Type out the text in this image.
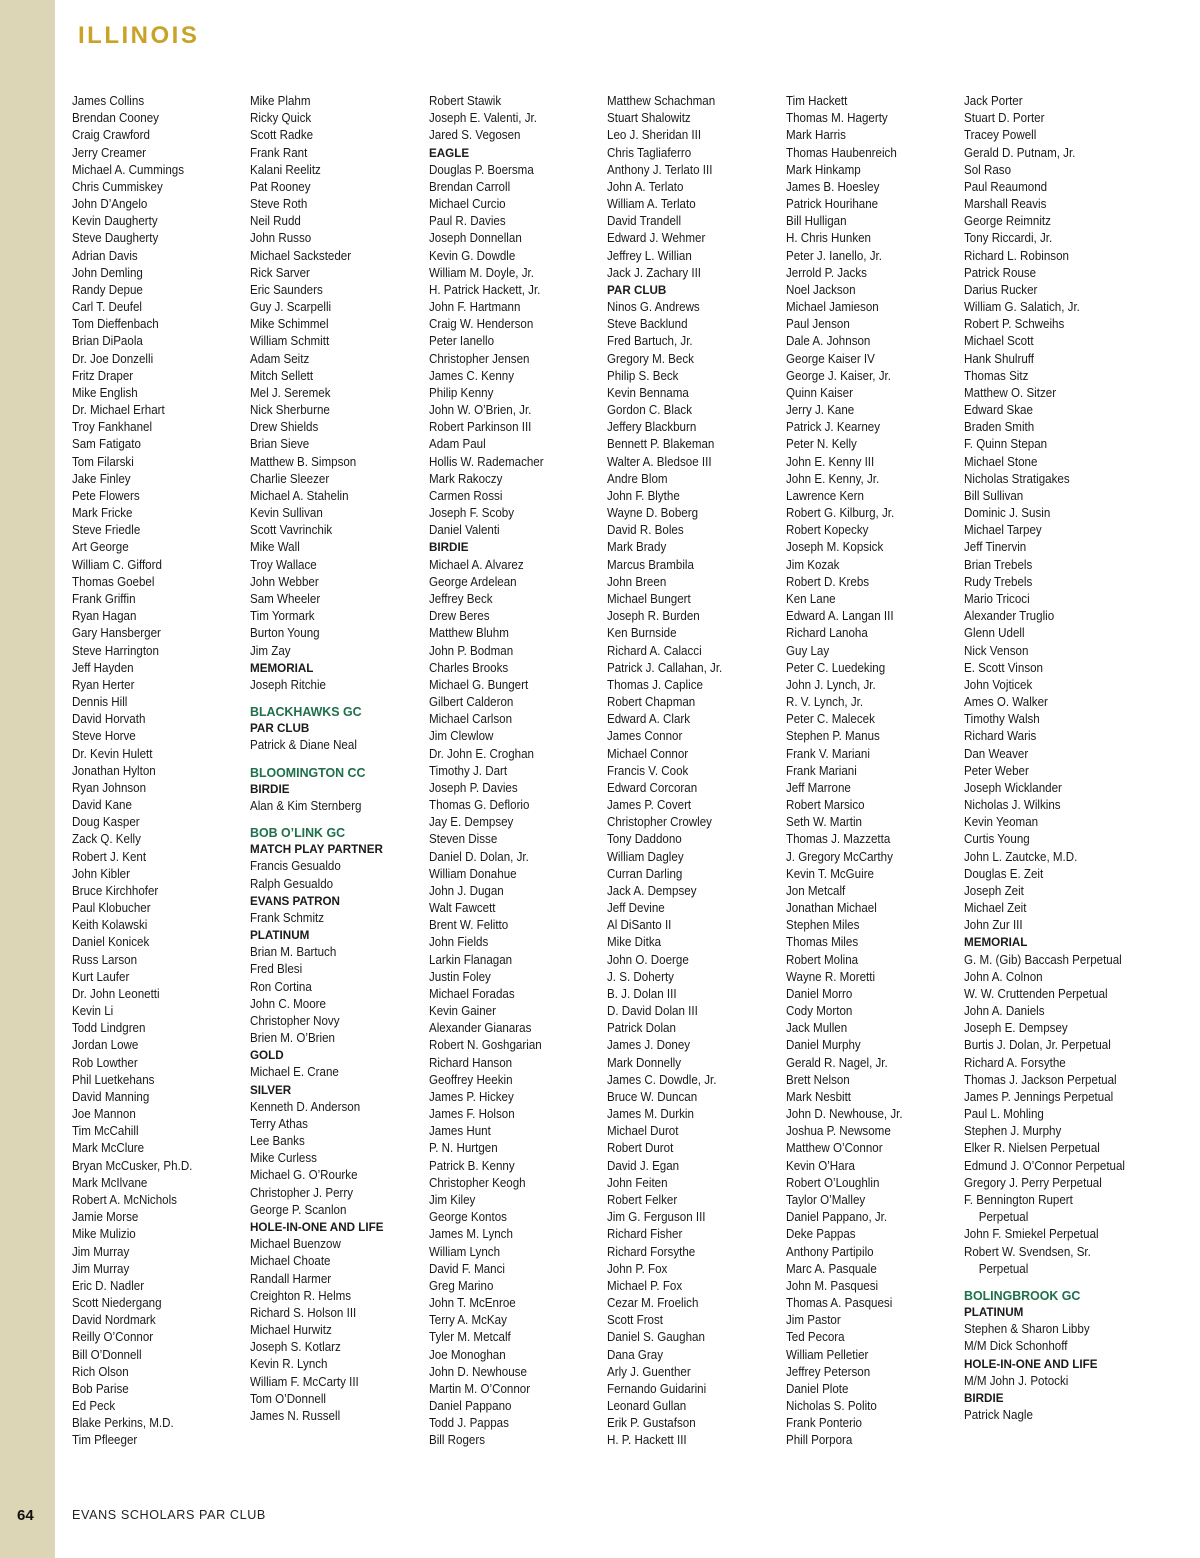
ILLINOIS
James Collins
Brendan Cooney
Craig Crawford
Jerry Creamer
Michael A. Cummings
Chris Cummiskey
John D’Angelo
Kevin Daugherty
Steve Daugherty
Adrian Davis
John Demling
Randy Depue
Carl T. Deufel
Tom Dieffenbach
Brian DiPaola
Dr. Joe Donzelli
Fritz Draper
Mike English
Dr. Michael Erhart
Troy Fankhanel
Sam Fatigato
Tom Filarski
Jake Finley
Pete Flowers
Mark Fricke
Steve Friedle
Art George
William C. Gifford
Thomas Goebel
Frank Griffin
Ryan Hagan
Gary Hansberger
Steve Harrington
Jeff Hayden
Ryan Herter
Dennis Hill
David Horvath
Steve Horve
Dr. Kevin Hulett
Jonathan Hylton
Ryan Johnson
David Kane
Doug Kasper
Zack Q. Kelly
Robert J. Kent
John Kibler
Bruce Kirchhofer
Paul Klobucher
Keith Kolawski
Daniel Konicek
Russ Larson
Kurt Laufer
Dr. John Leonetti
Kevin Li
Todd Lindgren
Jordan Lowe
Rob Lowther
Phil Luetkehans
David Manning
Joe Mannon
Tim McCahill
Mark McClure
Bryan McCusker, Ph.D.
Mark McIlvane
Robert A. McNichols
Jamie Morse
Mike Mulizio
Jim Murray
Jim Murray
Eric D. Nadler
Scott Niedergang
David Nordmark
Reilly O’Connor
Bill O’Donnell
Rich Olson
Bob Parise
Ed Peck
Blake Perkins, M.D.
Tim Pfleeger
Mike Plahm
Ricky Quick
Scott Radke
Frank Rant
Kalani Reelitz
Pat Rooney
Steve Roth
Neil Rudd
John Russo
Michael Sacksteder
Rick Sarver
Eric Saunders
Guy J. Scarpelli
Mike Schimmel
William Schmitt
Adam Seitz
Mitch Sellett
Mel J. Seremek
Nick Sherburne
Drew Shields
Brian Sieve
Matthew B. Simpson
Charlie Sleezer
Michael A. Stahelin
Kevin Sullivan
Scott Vavrinchik
Mike Wall
Troy Wallace
John Webber
Sam Wheeler
Tim Yormark
Burton Young
Jim Zay
MEMORIAL
Joseph Ritchie
BLACKHAWKS GC
PAR CLUB
Patrick & Diane Neal
BLOOMINGTON CC
BIRDIE
Alan & Kim Sternberg
BOB O’LINK GC
MATCH PLAY PARTNER
Francis Gesualdo
Ralph Gesualdo
EVANS PATRON
Frank Schmitz
PLATINUM
Brian M. Bartuch
Fred Blesi
Ron Cortina
John C. Moore
Christopher Novy
Brien M. O’Brien
GOLD
Michael E. Crane
SILVER
Kenneth D. Anderson
Terry Athas
Lee Banks
Mike Curless
Michael G. O’Rourke
Christopher J. Perry
George P. Scanlon
HOLE-IN-ONE AND LIFE
Michael Buenzow
Michael Choate
Randall Harmer
Creighton R. Helms
Richard S. Holson III
Michael Hurwitz
Joseph S. Kotlarz
Kevin R. Lynch
William F. McCarty III
Tom O’Donnell
James N. Russell
Robert Stawik
Joseph E. Valenti, Jr.
Jared S. Vegosen
EAGLE
Douglas P. Boersma
Brendan Carroll
Michael Curcio
Paul R. Davies
Joseph Donnellan
Kevin G. Dowdle
William M. Doyle, Jr.
H. Patrick Hackett, Jr.
John F. Hartmann
Craig W. Henderson
Peter Ianello
Christopher Jensen
James C. Kenny
Philip Kenny
John W. O’Brien, Jr.
Robert Parkinson III
Adam Paul
Hollis W. Rademacher
Mark Rakoczy
Carmen Rossi
Joseph F. Scoby
Daniel Valenti
BIRDIE
Michael A. Alvarez
George Ardelean
Jeffrey Beck
Drew Beres
Matthew Bluhm
John P. Bodman
Charles Brooks
Michael G. Bungert
Gilbert Calderon
Michael Carlson
Jim Clewlow
Dr. John E. Croghan
Timothy J. Dart
Joseph P. Davies
Thomas G. Deflorio
Jay E. Dempsey
Steven Disse
Daniel D. Dolan, Jr.
William Donahue
John J. Dugan
Walt Fawcett
Brent W. Felitto
John Fields
Larkin Flanagan
Justin Foley
Michael Foradas
Kevin Gainer
Alexander Gianaras
Robert N. Goshgarian
Richard Hanson
Geoffrey Heekin
James P. Hickey
James F. Holson
James Hunt
P. N. Hurtgen
Patrick B. Kenny
Christopher Keogh
Jim Kiley
George Kontos
James M. Lynch
William Lynch
David F. Manci
Greg Marino
John T. McEnroe
Terry A. McKay
Tyler M. Metcalf
Joe Monoghan
John D. Newhouse
Martin M. O’Connor
Daniel Pappano
Todd J. Pappas
Bill Rogers
Matthew Schachman
Stuart Shalowitz
Leo J. Sheridan III
Chris Tagliaferro
Anthony J. Terlato III
John A. Terlato
William A. Terlato
David Trandell
Edward J. Wehmer
Jeffrey L. Willian
Jack J. Zachary III
PAR CLUB
Ninos G. Andrews
Steve Backlund
Fred Bartuch, Jr.
Gregory M. Beck
Philip S. Beck
Kevin Bennama
Gordon C. Black
Jeffery Blackburn
Bennett P. Blakeman
Walter A. Bledsoe III
Andre Blom
John F. Blythe
Wayne D. Boberg
David R. Boles
Mark Brady
Marcus Brambila
John Breen
Michael Bungert
Joseph R. Burden
Ken Burnside
Richard A. Calacci
Patrick J. Callahan, Jr.
Thomas J. Caplice
Robert Chapman
Edward A. Clark
James Connor
Michael Connor
Francis V. Cook
Edward Corcoran
James P. Covert
Christopher Crowley
Tony Daddono
William Dagley
Curran Darling
Jack A. Dempsey
Jeff Devine
Al DiSanto II
Mike Ditka
John O. Doerge
J. S. Doherty
B. J. Dolan III
D. David Dolan III
Patrick Dolan
James J. Doney
Mark Donnelly
James C. Dowdle, Jr.
Bruce W. Duncan
James M. Durkin
Michael Durot
Robert Durot
David J. Egan
John Feiten
Robert Felker
Jim G. Ferguson III
Richard Fisher
Richard Forsythe
John P. Fox
Michael P. Fox
Cezar M. Froelich
Scott Frost
Daniel S. Gaughan
Dana Gray
Arly J. Guenther
Fernando Guidarini
Leonard Gullan
Erik P. Gustafson
H. P. Hackett III
Tim Hackett
Thomas M. Hagerty
Mark Harris
Thomas Haubenreich
Mark Hinkamp
James B. Hoesley
Patrick Hourihane
Bill Hulligan
H. Chris Hunken
Peter J. Ianello, Jr.
Jerrold P. Jacks
Noel Jackson
Michael Jamieson
Paul Jenson
Dale A. Johnson
George Kaiser IV
George J. Kaiser, Jr.
Quinn Kaiser
Jerry J. Kane
Patrick J. Kearney
Peter N. Kelly
John E. Kenny III
John E. Kenny, Jr.
Lawrence Kern
Robert G. Kilburg, Jr.
Robert Kopecky
Joseph M. Kopsick
Jim Kozak
Robert D. Krebs
Ken Lane
Edward A. Langan III
Richard Lanoha
Guy Lay
Peter C. Luedeking
John J. Lynch, Jr.
R. V. Lynch, Jr.
Peter C. Malecek
Stephen P. Manus
Frank V. Mariani
Frank Mariani
Jeff Marrone
Robert Marsico
Seth W. Martin
Thomas J. Mazzetta
J. Gregory McCarthy
Kevin T. McGuire
Jon Metcalf
Jonathan Michael
Stephen Miles
Thomas Miles
Robert Molina
Wayne R. Moretti
Daniel Morro
Cody Morton
Jack Mullen
Daniel Murphy
Gerald R. Nagel, Jr.
Brett Nelson
Mark Nesbitt
John D. Newhouse, Jr.
Joshua P. Newsome
Matthew O’Connor
Kevin O’Hara
Robert O’Loughlin
Taylor O’Malley
Daniel Pappano, Jr.
Deke Pappas
Anthony Partipilo
Marc A. Pasquale
John M. Pasquesi
Thomas A. Pasquesi
Jim Pastor
Ted Pecora
William Pelletier
Jeffrey Peterson
Daniel Plote
Nicholas S. Polito
Frank Ponterio
Phill Porpora
Jack Porter
Stuart D. Porter
Tracey Powell
Gerald D. Putnam, Jr.
Sol Raso
Paul Reaumond
Marshall Reavis
George Reimnitz
Tony Riccardi, Jr.
Richard L. Robinson
Patrick Rouse
Darius Rucker
William G. Salatich, Jr.
Robert P. Schweihs
Michael Scott
Hank Shulruff
Thomas Sitz
Matthew O. Sitzer
Edward Skae
Braden Smith
F. Quinn Stepan
Michael Stone
Nicholas Stratigakes
Bill Sullivan
Dominic J. Susin
Michael Tarpey
Jeff Tinervin
Brian Trebels
Rudy Trebels
Mario Tricoci
Alexander Truglio
Glenn Udell
Nick Venson
E. Scott Vinson
John Vojticek
Ames O. Walker
Timothy Walsh
Richard Waris
Dan Weaver
Peter Weber
Joseph Wicklander
Nicholas J. Wilkins
Kevin Yeoman
Curtis Young
John L. Zautcke, M.D.
Douglas E. Zeit
Joseph Zeit
Michael Zeit
John Zur III
MEMORIAL
G. M. (Gib) Baccash Perpetual
John A. Colnon
W. W. Cruttenden Perpetual
John A. Daniels
Joseph E. Dempsey
Burtis J. Dolan, Jr. Perpetual
Richard A. Forsythe
Thomas J. Jackson Perpetual
James P. Jennings Perpetual
Paul L. Mohling
Stephen J. Murphy
Elker R. Nielsen Perpetual
Edmund J. O’Connor Perpetual
Gregory J. Perry Perpetual
F. Bennington Rupert
Perpetual
John F. Smiekel Perpetual
Robert W. Svendsen, Sr.
Perpetual
BOLINGBROOK GC
PLATINUM
Stephen & Sharon Libby
M/M Dick Schonhoff
HOLE-IN-ONE AND LIFE
M/M John J. Potocki
BIRDIE
Patrick Nagle
64	EVANS SCHOLARS PAR CLUB
